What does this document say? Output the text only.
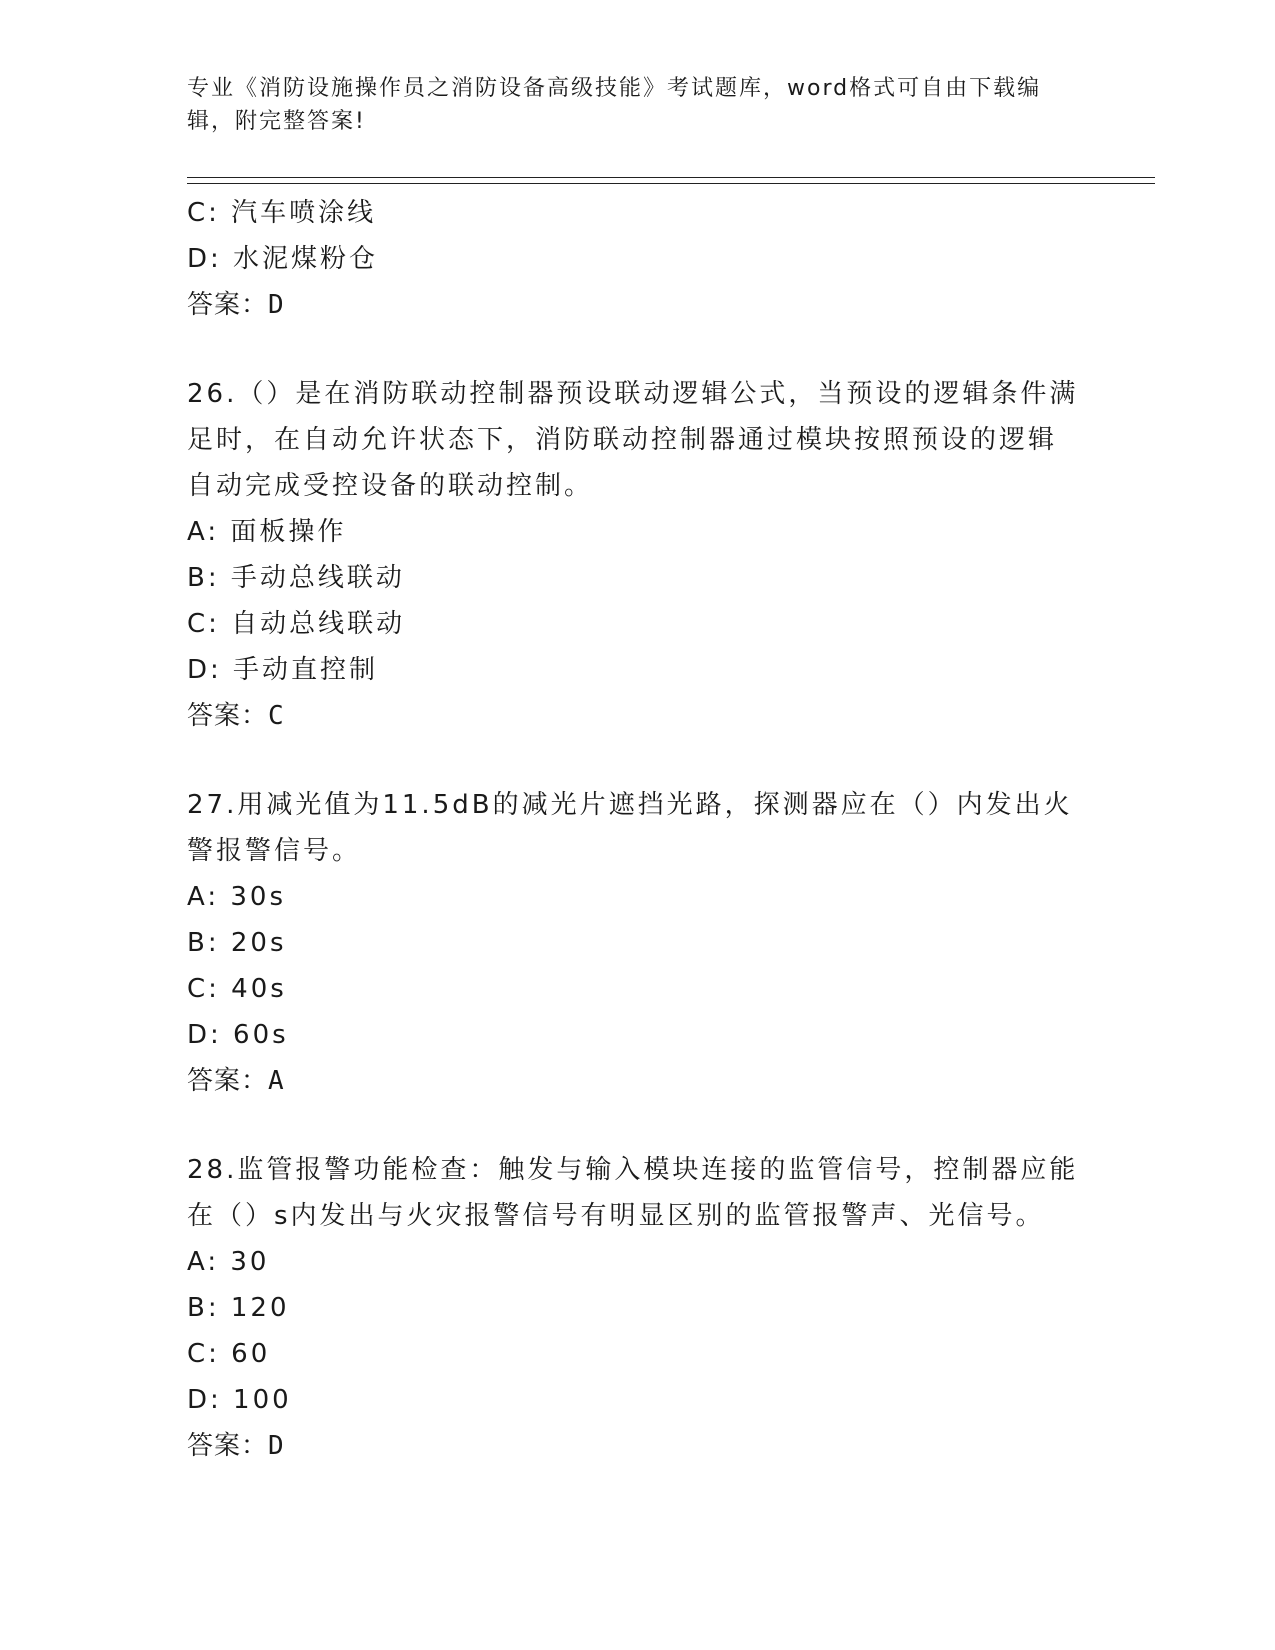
专业《消防设施操作员之消防设备高级技能》考试题库，word格式可自由下载编
辑，附完整答案!
C: 汽车喷涂线
D: 水泥煤粉仓
答案：D
26.（）是在消防联动控制器预设联动逻辑公式，当预设的逻辑条件满
足时，在自动允许状态下，消防联动控制器通过模块按照预设的逻辑
自动完成受控设备的联动控制。
A: 面板操作
B: 手动总线联动
C: 自动总线联动
D: 手动直控制
答案：C
27.用减光值为11.5dB的减光片遮挡光路，探测器应在（）内发出火
警报警信号。
A: 30s
B: 20s
C: 40s
D: 60s
答案：A
28.监管报警功能检查：触发与输入模块连接的监管信号，控制器应能
在（）s内发出与火灾报警信号有明显区别的监管报警声、光信号。
A: 30
B: 120
C: 60
D: 100
答案：D
